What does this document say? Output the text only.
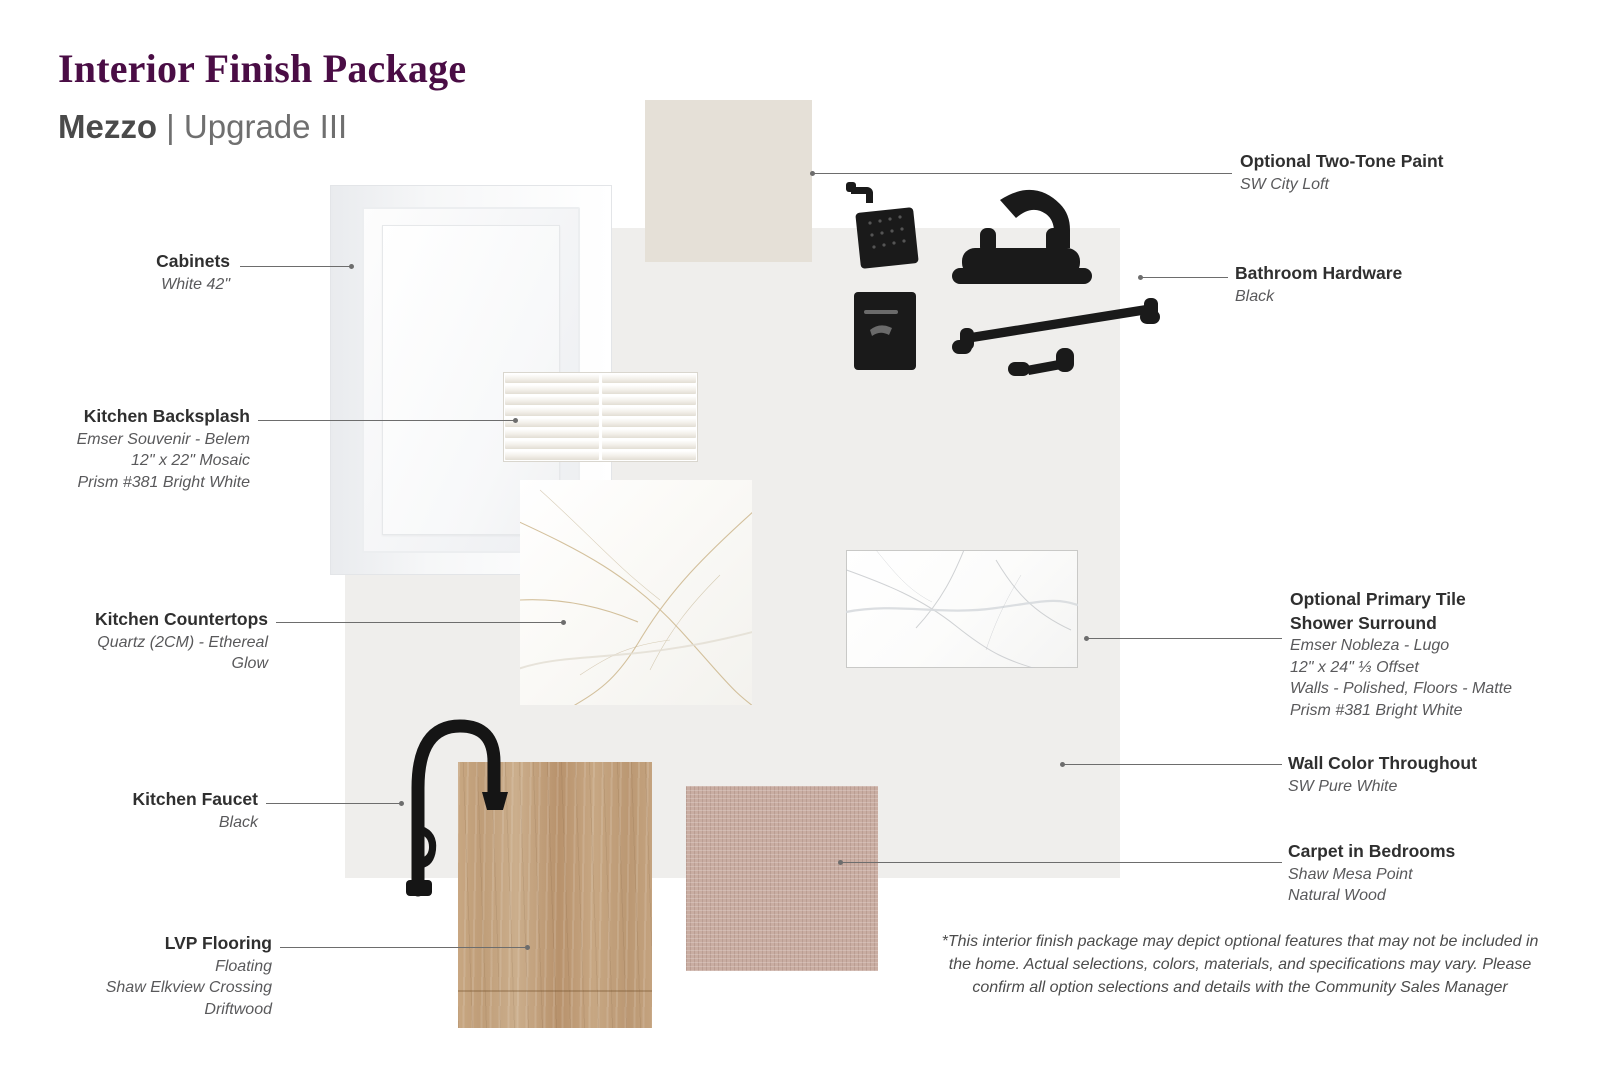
Interior Finish Package
Mezzo | Upgrade III
Cabinets
White 42"
Kitchen Backsplash
Emser Souvenir - Belem
12" x 22" Mosaic
Prism #381 Bright White
Kitchen Countertops
Quartz (2CM) - Ethereal
Glow
Kitchen Faucet
Black
LVP Flooring
Floating
Shaw Elkview Crossing
Driftwood
Optional Two-Tone Paint
SW City Loft
Bathroom Hardware
Black
Optional Primary Tile
Shower Surround
Emser Nobleza - Lugo
12" x 24" ⅓ Offset
Walls - Polished, Floors - Matte
Prism #381 Bright White
Wall Color Throughout
SW Pure White
Carpet in Bedrooms
Shaw Mesa Point
Natural Wood
*This interior finish package may depict optional features that may not be included in the home. Actual selections, colors, materials, and specifications may vary. Please confirm all option selections and details with the Community Sales Manager
